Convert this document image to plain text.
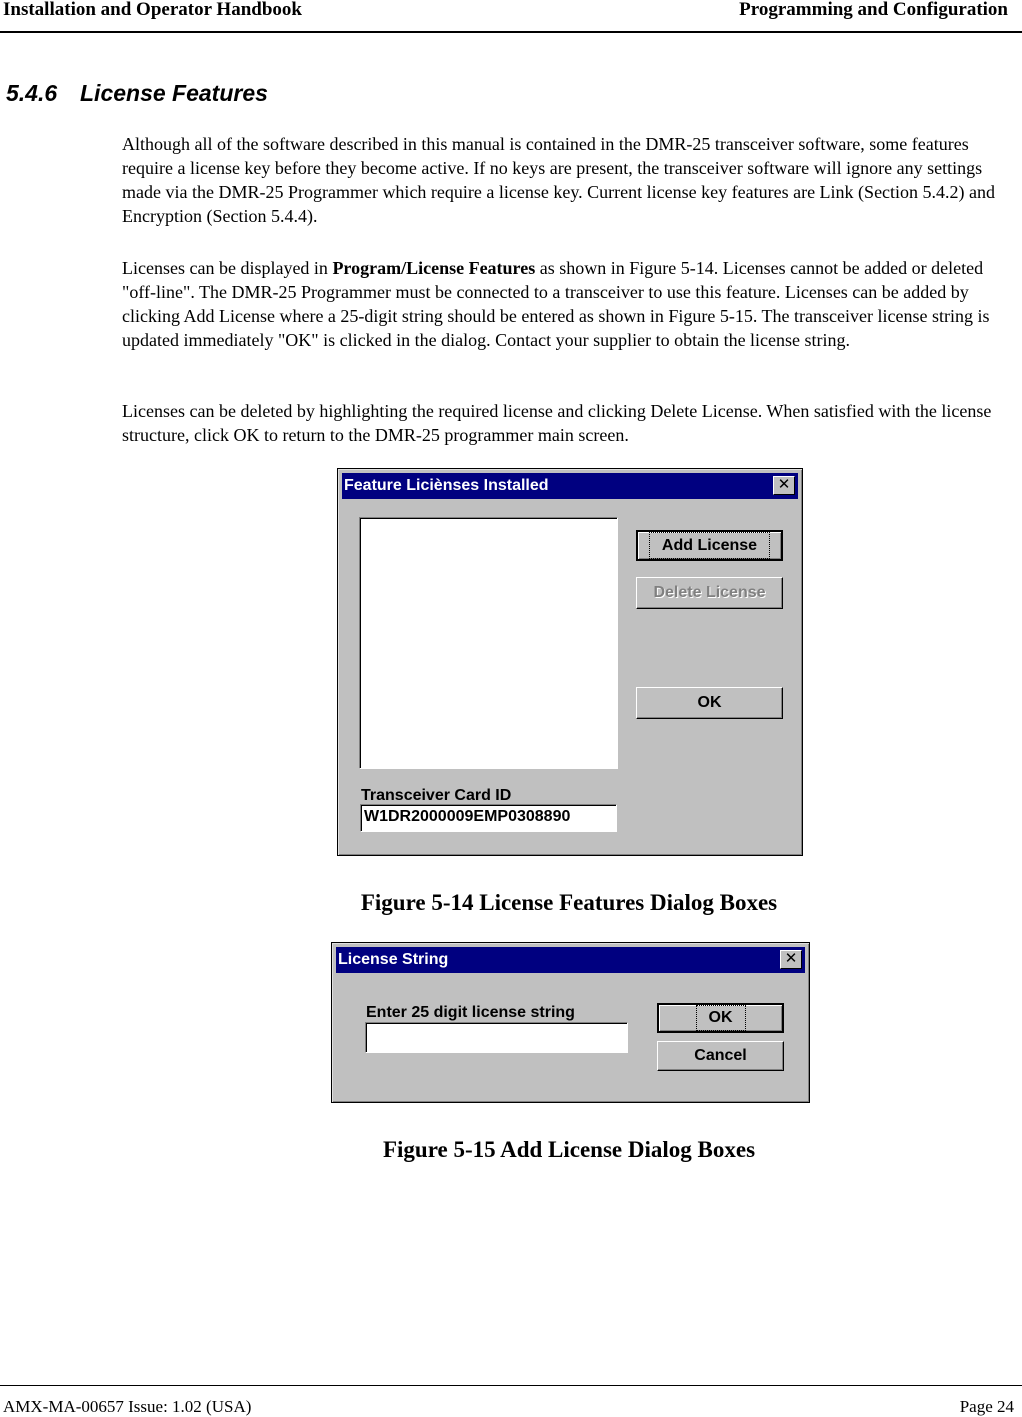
Installation and Operator Handbook	Programming and Configuration
5.4.6 License Features

Although all of the software described in this manual is contained in the DMR-25 transceiver software, some features require a license key before they become active. If no keys are present, the transceiver software will ignore any settings made via the DMR-25 Programmer which require a license key. Current license key features are Link (Section 5.4.2) and Encryption (Section 5.4.4).

Licenses can be displayed in Program/License Features as shown in Figure 5-14. Licenses cannot be added or deleted "off-line". The DMR-25 Programmer must be connected to a transceiver to use this feature. Licenses can be added by clicking Add License where a 25-digit string should be entered as shown in Figure 5-15. The transceiver license string is updated immediately "OK" is clicked in the dialog. Contact your supplier to obtain the license string.

Licenses can be deleted by highlighting the required license and clicking Delete License. When satisfied with the license structure, click OK to return to the DMR-25 programmer main screen.

Feature Liciènses Installed	✕
Add License
Delete License
OK
Transceiver Card ID
W1DR2000009EMP0308890
Figure 5-14 License Features Dialog Boxes
License String	✕
Enter 25 digit license string	OK
Cancel
Figure 5-15 Add License Dialog Boxes
AMX-MA-00657 Issue: 1.02 (USA)	Page 24
